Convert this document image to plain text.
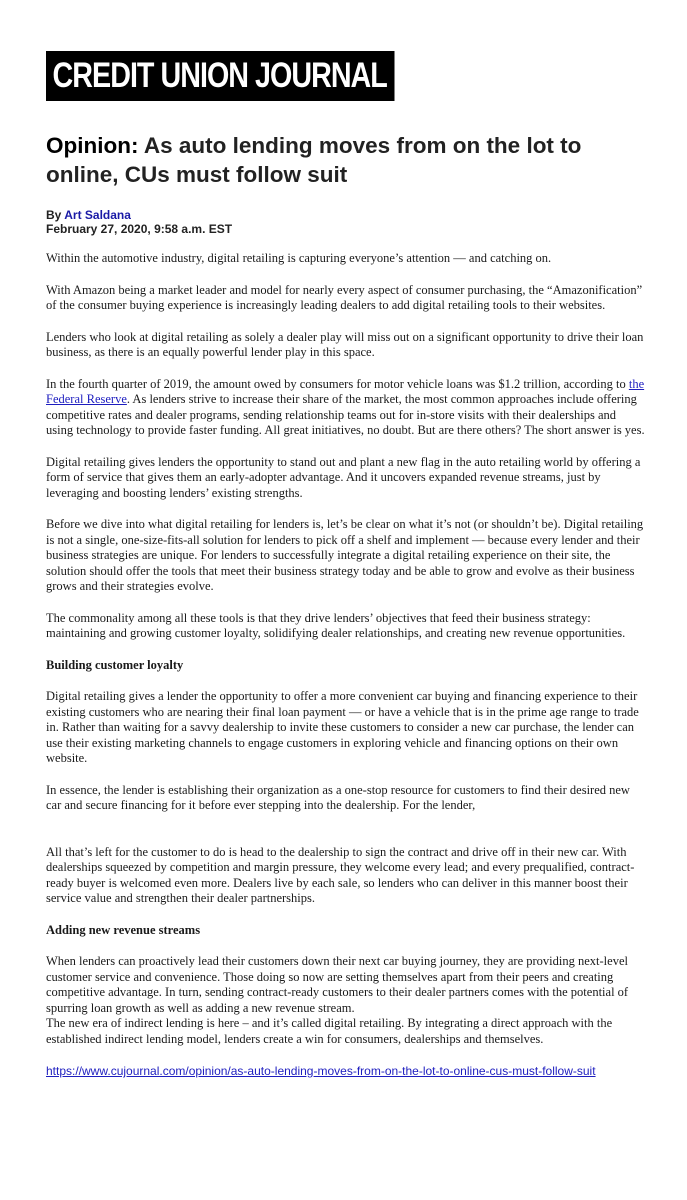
CREDIT UNION JOURNAL
Opinion: As auto lending moves from on the lot to online, CUs must follow suit
By Art Saldana
February 27, 2020, 9:58 a.m. EST

Within the automotive industry, digital retailing is capturing everyone’s attention — and catching on.

With Amazon being a market leader and model for nearly every aspect of consumer purchasing, the “Amazonification” of the consumer buying experience is increasingly leading dealers to add digital retailing tools to their websites.

Lenders who look at digital retailing as solely a dealer play will miss out on a significant opportunity to drive their loan business, as there is an equally powerful lender play in this space.

In the fourth quarter of 2019, the amount owed by consumers for motor vehicle loans was $1.2 trillion, according to the Federal Reserve. As lenders strive to increase their share of the market, the most common approaches include offering competitive rates and dealer programs, sending relationship teams out for in-store visits with their dealerships and using technology to provide faster funding. All great initiatives, no doubt. But are there others? The short answer is yes.

Digital retailing gives lenders the opportunity to stand out and plant a new flag in the auto retailing world by offering a form of service that gives them an early-adopter advantage. And it uncovers expanded revenue streams, just by leveraging and boosting lenders’ existing strengths.

Before we dive into what digital retailing for lenders is, let’s be clear on what it’s not (or shouldn’t be). Digital retailing is not a single, one-size-fits-all solution for lenders to pick off a shelf and implement — because every lender and their business strategies are unique. For lenders to successfully integrate a digital retailing experience on their site, the solution should offer the tools that meet their business strategy today and be able to grow and evolve as their business grows and their strategies evolve.

The commonality among all these tools is that they drive lenders’ objectives that feed their business strategy: maintaining and growing customer loyalty, solidifying dealer relationships, and creating new revenue opportunities.

Building customer loyalty

Digital retailing gives a lender the opportunity to offer a more convenient car buying and financing experience to their existing customers who are nearing their final loan payment — or have a vehicle that is in the prime age range to trade in. Rather than waiting for a savvy dealership to invite these customers to consider a new car purchase, the lender can use their existing marketing channels to engage customers in exploring vehicle and financing options on their own website.

In essence, the lender is establishing their organization as a one-stop resource for customers to find their desired new car and secure financing for it before ever stepping into the dealership. For the lender,

All that’s left for the customer to do is head to the dealership to sign the contract and drive off in their new car. With dealerships squeezed by competition and margin pressure, they welcome every lead; and every prequalified, contract-ready buyer is welcomed even more. Dealers live by each sale, so lenders who can deliver in this manner boost their service value and strengthen their dealer partnerships.

Adding new revenue streams

When lenders can proactively lead their customers down their next car buying journey, they are providing next-level customer service and convenience. Those doing so now are setting themselves apart from their peers and creating competitive advantage. In turn, sending contract-ready customers to their dealer partners comes with the potential of spurring loan growth as well as adding a new revenue stream.

The new era of indirect lending is here – and it’s called digital retailing. By integrating a direct approach with the established indirect lending model, lenders create a win for consumers, dealerships and themselves.

https://www.cujournal.com/opinion/as-auto-lending-moves-from-on-the-lot-to-online-cus-must-follow-suit
